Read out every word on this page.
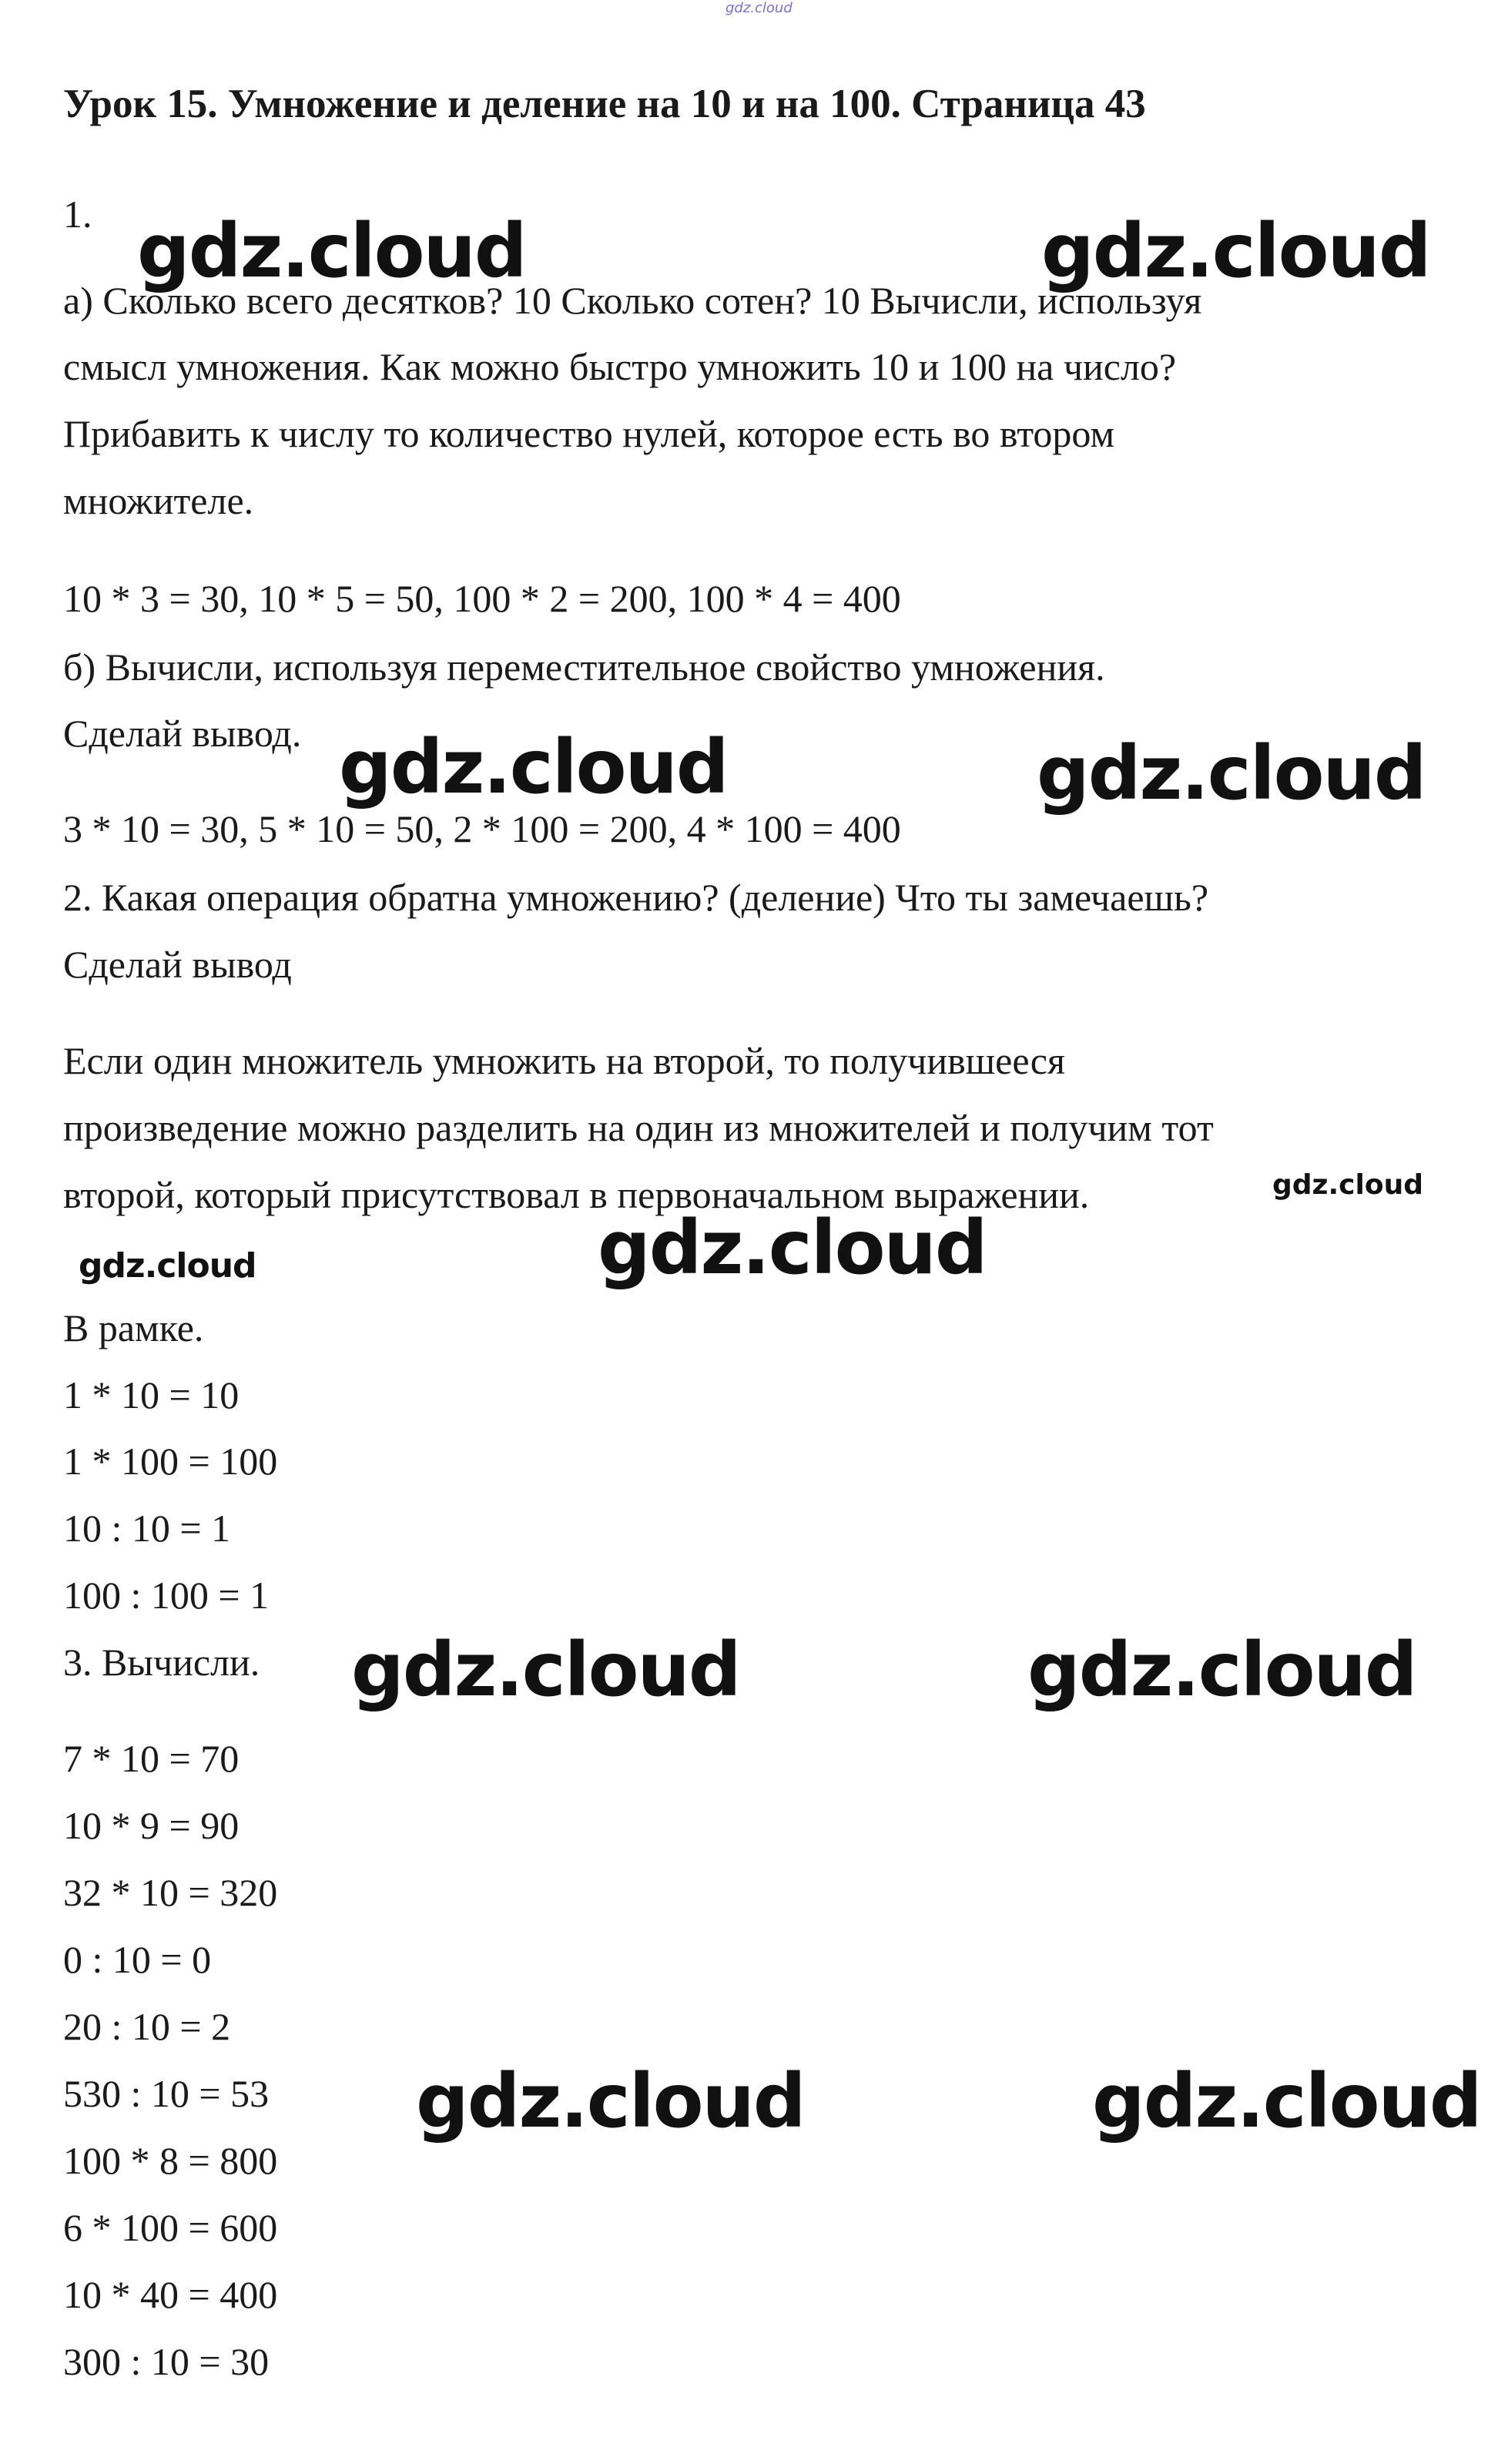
gdz.cloud
Урок 15. Умножение и деление на 10 и на 100. Страница 43
1.
а) Сколько всего десятков? 10 Сколько сотен? 10 Вычисли, используя
смысл умножения. Как можно быстро умножить 10 и 100 на число?
Прибавить к числу то количество нулей, которое есть во втором
множителе.
10 * 3 = 30, 10 * 5 = 50, 100 * 2 = 200, 100 * 4 = 400
б) Вычисли, используя переместительное свойство умножения.
Сделай вывод.
3 * 10 = 30, 5 * 10 = 50, 2 * 100 = 200, 4 * 100 = 400
2. Какая операция обратна умножению? (деление) Что ты замечаешь?
Сделай вывод
Если один множитель умножить на второй, то получившееся
произведение можно разделить на один из множителей и получим тот
второй, который присутствовал в первоначальном выражении.
В рамке.
1 * 10 = 10
1 * 100 = 100
10 : 10 = 1
100 : 100 = 1
3. Вычисли.
7 * 10 = 70
10 * 9 = 90
32 * 10 = 320
0 : 10 = 0
20 : 10 = 2
530 : 10 = 53
100 * 8 = 800
6 * 100 = 600
10 * 40 = 400
300 : 10 = 30
gdz.cloud	gdz.cloud
gdz.cloud	gdz.cloud
gdz.cloud
gdz.cloud	gdz.cloud
gdz.cloud	gdz.cloud
gdz.cloud	gdz.cloud
